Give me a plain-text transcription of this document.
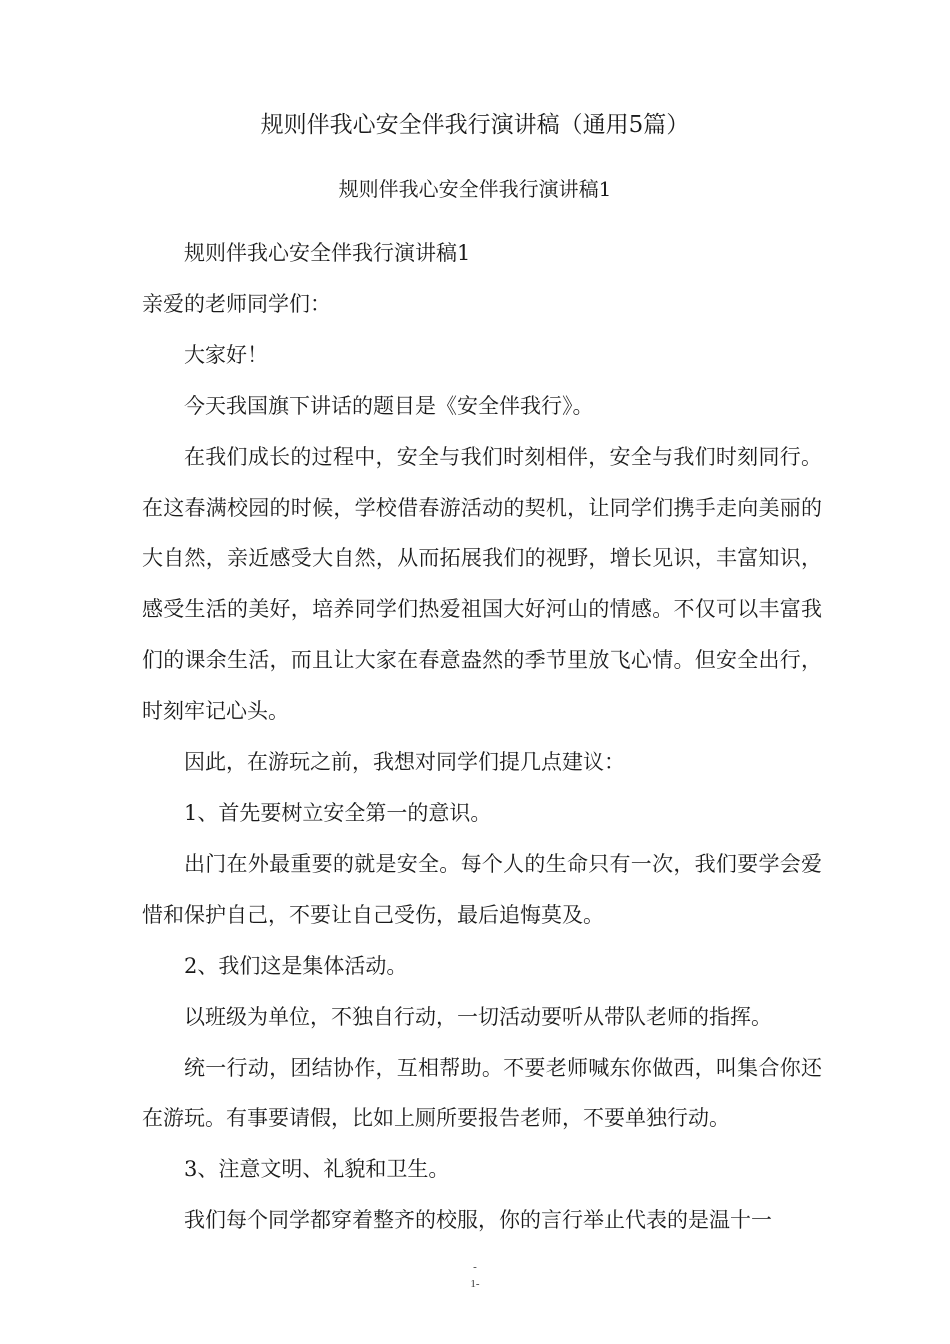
规则伴我心安全伴我行演讲稿（通用5篇）
规则伴我心安全伴我行演讲稿1

规则伴我心安全伴我行演讲稿1

亲爱的老师同学们：

大家好！

今天我国旗下讲话的题目是《安全伴我行》。

在我们成长的过程中，安全与我们时刻相伴，安全与我们时刻同行。在这春满校园的时候，学校借春游活动的契机，让同学们携手走向美丽的大自然，亲近感受大自然，从而拓展我们的视野，增长见识，丰富知识，感受生活的美好，培养同学们热爱祖国大好河山的情感。不仅可以丰富我们的课余生活，而且让大家在春意盎然的季节里放飞心情。但安全出行，时刻牢记心头。

因此，在游玩之前，我想对同学们提几点建议：

1、首先要树立安全第一的意识。

出门在外最重要的就是安全。每个人的生命只有一次，我们要学会爱惜和保护自己，不要让自己受伤，最后追悔莫及。

2、我们这是集体活动。

以班级为单位，不独自行动，一切活动要听从带队老师的指挥。

统一行动，团结协作，互相帮助。不要老师喊东你做西，叫集合你还在游玩。有事要请假，比如上厕所要报告老师，不要单独行动。

3、注意文明、礼貌和卫生。

我们每个同学都穿着整齐的校服，你的言行举止代表的是温十一

-
1-
